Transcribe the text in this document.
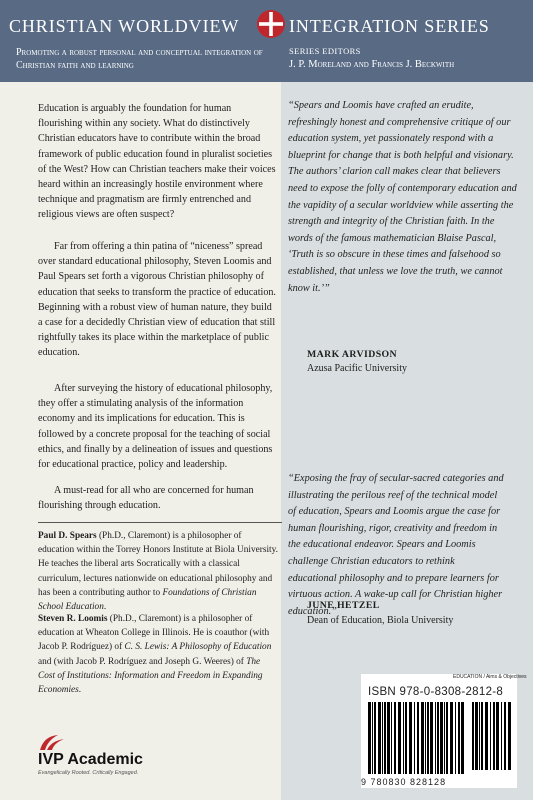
CHRISTIAN WORLDVIEW	INTEGRATION SERIES
Promoting a robust personal and conceptual integration of Christian faith and learning
SERIES EDITORS
J. P. Moreland and Francis J. Beckwith
“Spears and Loomis have crafted an erudite, refreshingly honest and comprehensive critique of our education system, yet passionately respond with a blueprint for change that is both helpful and visionary. The authors’ clarion call makes clear that believers need to expose the folly of contemporary education and the vapidity of a secular worldview while asserting the strength and integrity of the Christian faith. In the words of the famous mathematician Blaise Pascal, ‘Truth is so obscure in these times and falsehood so established, that unless we love the truth, we cannot know it.’”
MARK ARVIDSON
Azusa Pacific University
“Exposing the fray of secular-sacred categories and illustrating the perilous reef of the technical model of education, Spears and Loomis argue the case for human flourishing, rigor, creativity and freedom in the educational endeavor. Spears and Loomis challenge Christian educators to rethink educational philosophy and to prepare learners for virtuous action. A wake-up call for Christian higher education.”
JUNE HETZEL
Dean of Education, Biola University

Education is arguably the foundation for human flourishing within any society. What do distinctively Christian educators have to contribute within the broad framework of public education found in pluralist societies of the West? How can Christian teachers make their voices heard within an increasingly hostile environment where technique and pragmatism are firmly entrenched and religious views are often suspect?

Far from offering a thin patina of “niceness” spread over standard educational philosophy, Steven Loomis and Paul Spears set forth a vigorous Christian philosophy of education that seeks to transform the practice of education. Beginning with a robust view of human nature, they build a case for a decidedly Christian view of education that still rightfully takes its place within the marketplace of public education.

After surveying the history of educational philosophy, they offer a stimulating analysis of the information economy and its implications for education. This is followed by a concrete proposal for the teaching of social ethics, and finally by a delineation of issues and questions for educational practice, policy and leadership.

A must-read for all who are concerned for human flourishing through education.

Paul D. Spears (Ph.D., Claremont) is a philosopher of education within the Torrey Honors Institute at Biola University. He teaches the liberal arts Socratically with a classical curriculum, lectures nationwide on educational philosophy and has been a contributing author to Foundations of Christian School Education.
Steven R. Loomis (Ph.D., Claremont) is a philosopher of education at Wheaton College in Illinois. He is coauthor (with Jacob P. Rodríguez) of C. S. Lewis: A Philosophy of Education and (with Jacob P. Rodríguez and Joseph G. Weeres) of The Cost of Institutions: Information and Freedom in Expanding Economies.
IVP Academic
Evangelically Rooted. Critically Engaged.
EDUCATION / Aims & Objectives
ISBN 978-0-8308-2812-8
9 780830 828128
